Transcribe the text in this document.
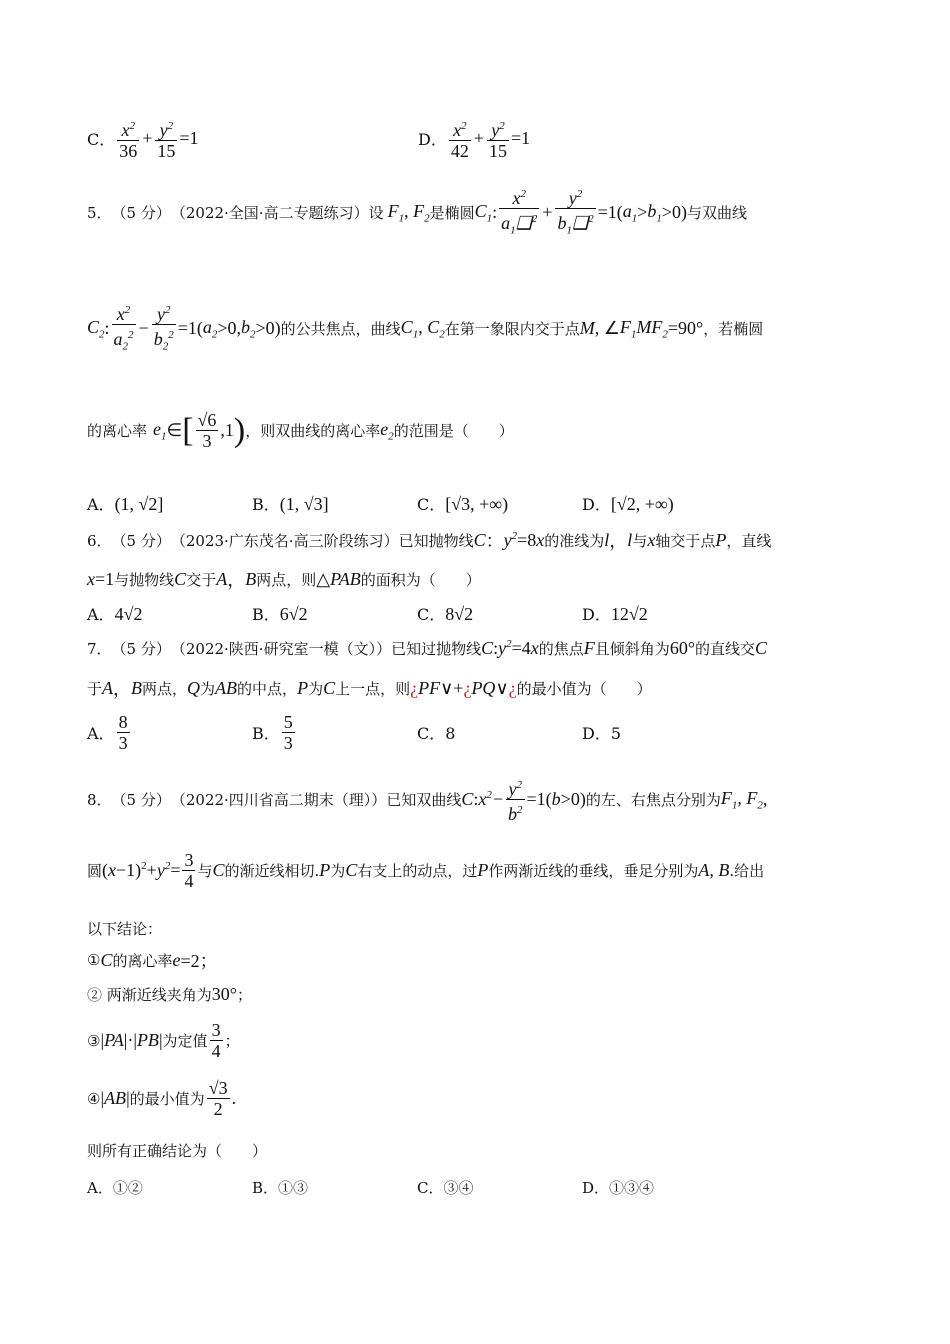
C． $\frac{x^2}{36} + \frac{y^2}{15} =1$	D． $\frac{x^2}{42} + \frac{y^2}{15} =1$
5． （5 分） （2022·全国·高二专题练习） 设 $F_1$, $F_2$ 是椭圆 $C_1$ : $\frac{x^2}{a_1❑^2} + \frac{y^2}{b_1❑^2} =1$( $a_1 > b_1 >0$) 与双曲线
$C_2$ : $\frac{x^2}{a_2^2} - \frac{y^2}{b_2^2} =1$( $a_2 >0$, $b_2 >0$) 的公共焦点，曲线 $C_1$, $C_2$ 在第一象限内交于点 M , ∠ $F_1MF_2 =90^\circ$ ，若椭圆
的离心率 $e_1$ ∈ [ $\frac{√6}{3} ,1$ ) ，则双曲线的离心率 $e_2$ 的范围是（　　）
A．(1, √2]	B．(1, √3]	C．[√3, +∞)	D．[√2, +∞)
6． （5 分） （2023·广东茂名·高三阶段练习） 已知抛物线 C ： $y^2 =8$ x 的准线为 l ， l 与 x 轴交于点 P ，直线
x =1 与抛物线 C 交于 A ， B 两点，则 △ PAB 的面积为（　　）
A．4√2	B．6√2	C．8√2	D．12√2
7． （5 分） （2022·陕西·研究室一模（文）） 已知过抛物线 C : $y^2 =4$ x 的焦点 F 且倾斜角为 60° 的直线交 C
于 A ， B 两点， Q 为 AB 的中点， P 为 C 上一点，则 ¿ PF ∨+ ¿ PQ ∨ ¿ 的最小值为（　　）
A． $\frac{8}{3}$	B． $\frac{5}{3}$	C．8	D．5
8． （5 分） （2022·四川省高二期末（理）） 已知双曲线 C : $x^2 - \frac{y^2}{b^2} =1$( b >0) 的左、右焦点分别为 $F_1$, $F_2$ ,
圆 ( $x -1)^2+ y^2 = \frac{3}{4}$ 与 C 的渐近线相切. P 为 C 右支上的动点，过 P 作两渐近线的垂线，垂足分别为 A, B .给出
以下结论：
① C 的离心率 e =2；
② 两渐近线夹角为 30° ；
③ | PA |·| PB | 为定值 $\frac{3}{4}$ ；
④ | AB | 的最小值为 $\frac{√3}{2}$ .
则所有正确结论为（　　）
A．①②	B．①③	C．③④	D．①③④
